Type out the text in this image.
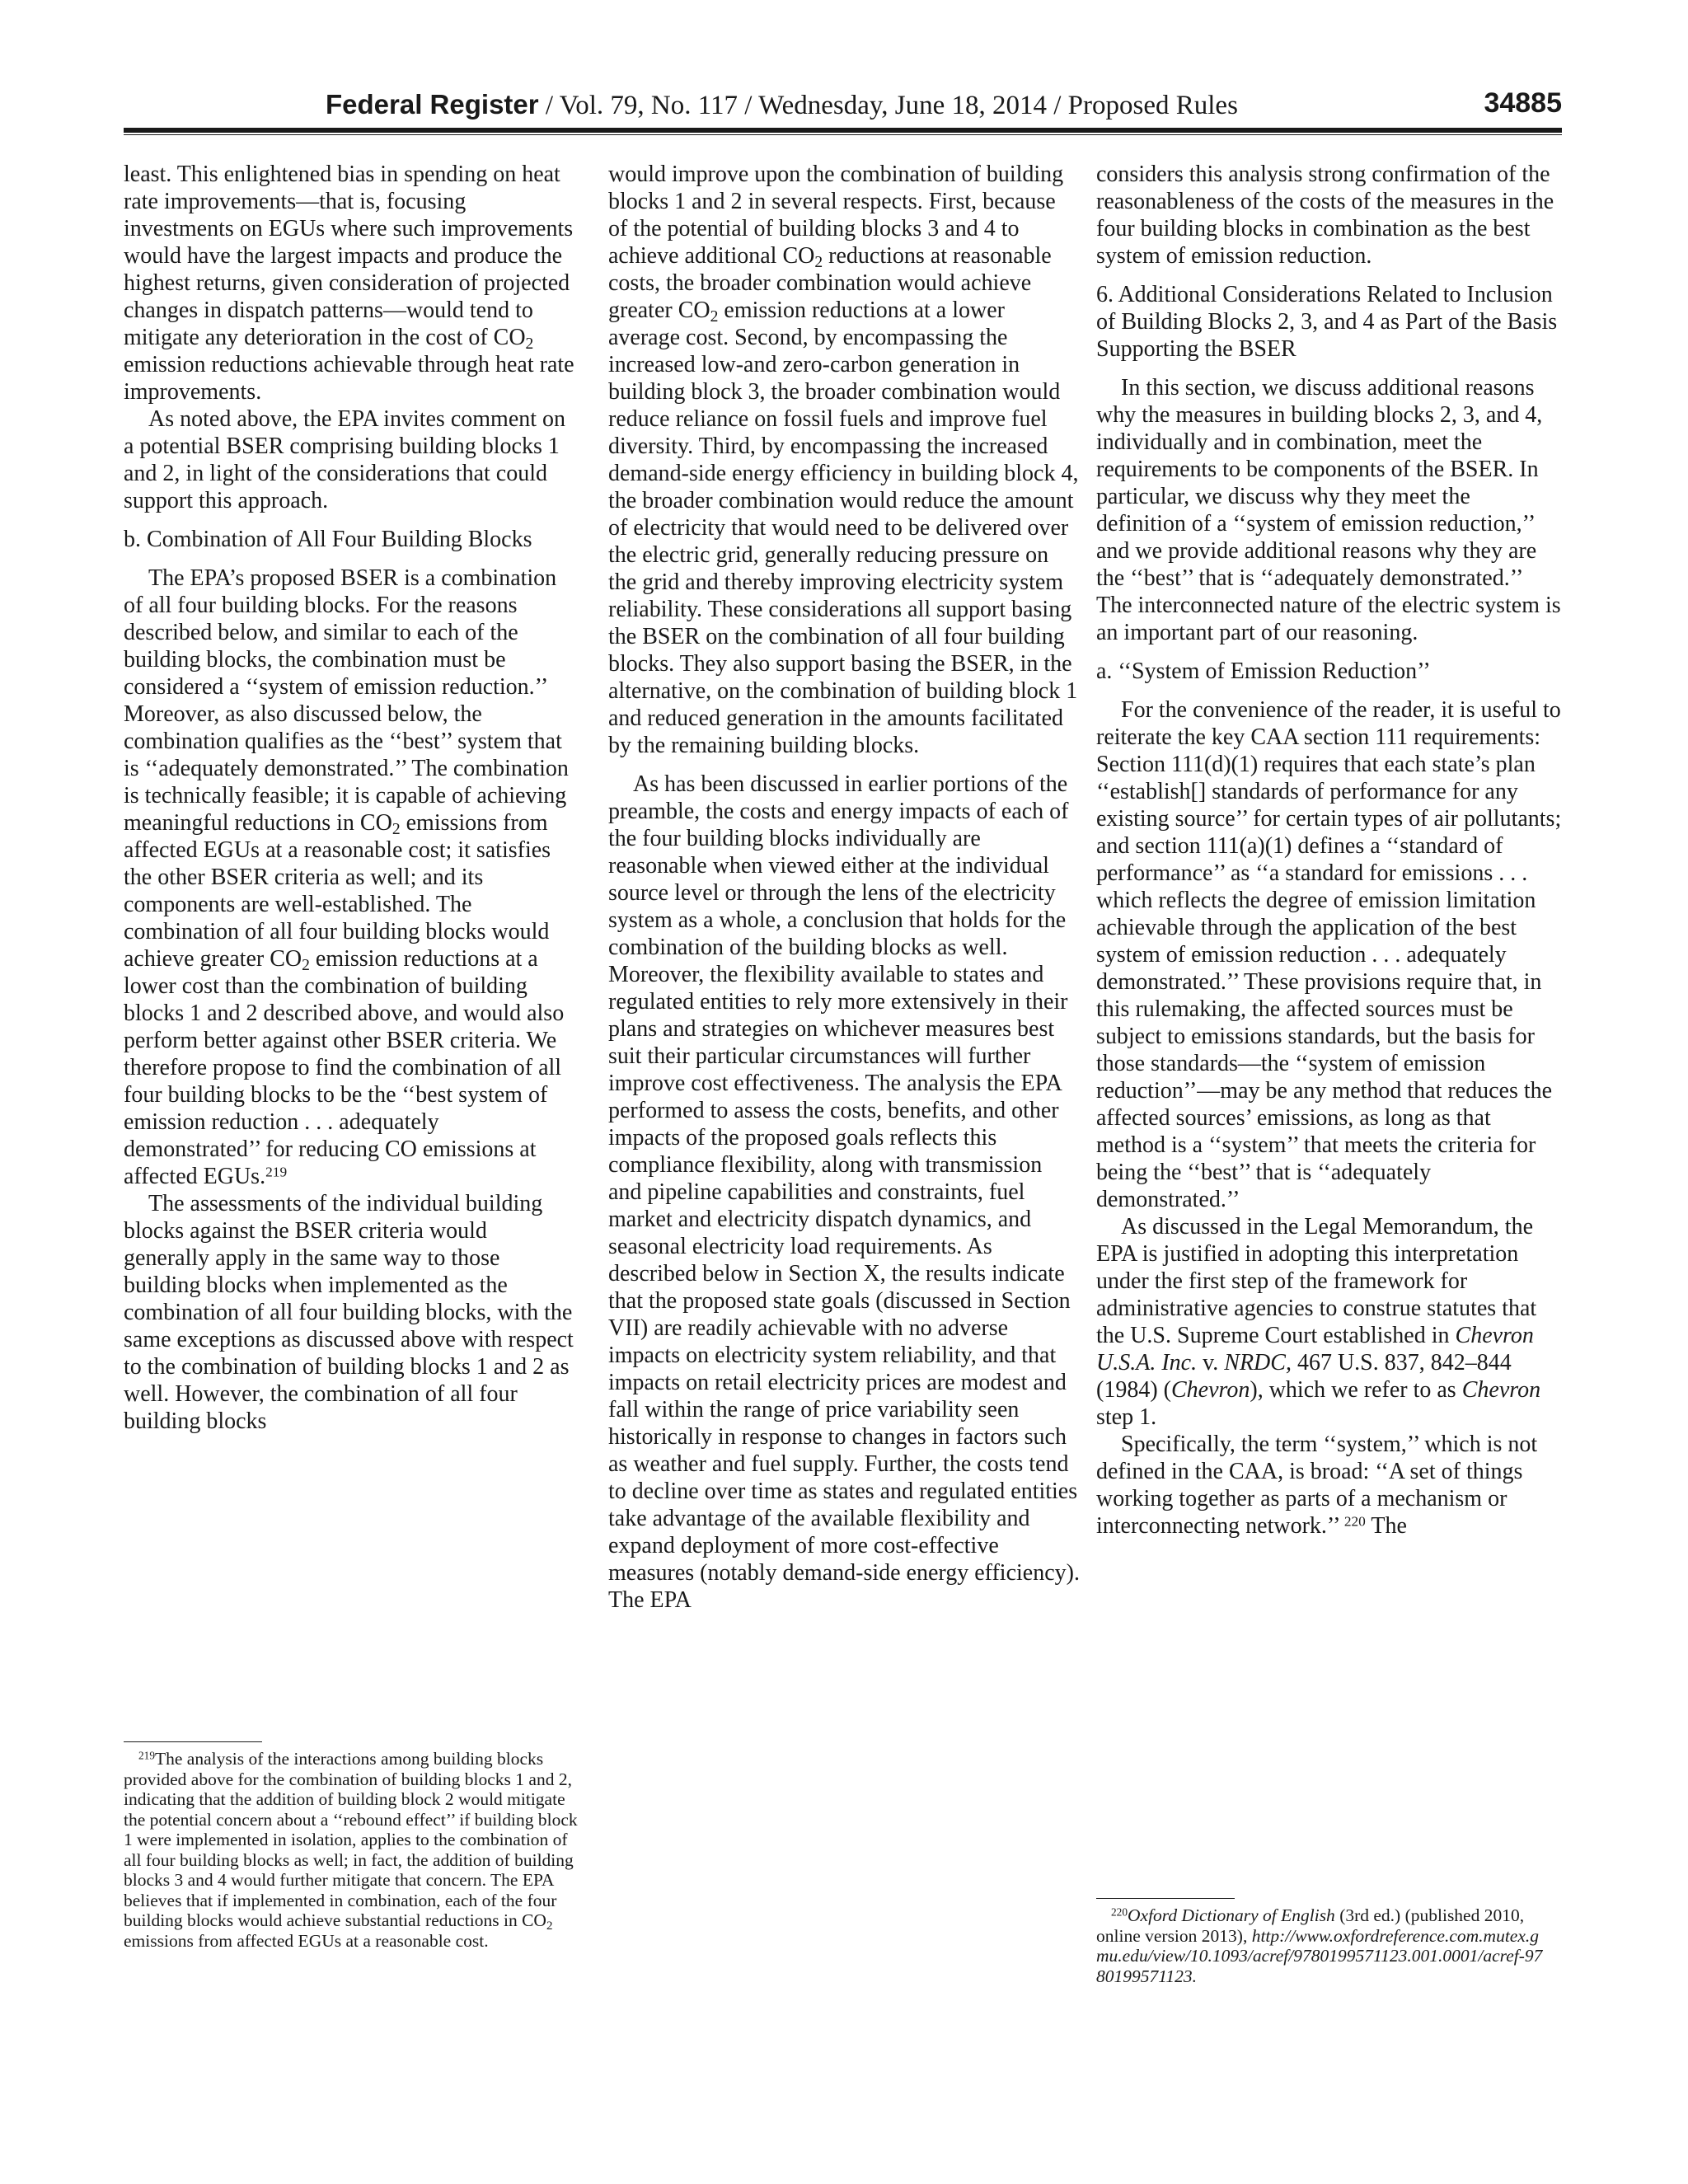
Federal Register / Vol. 79, No. 117 / Wednesday, June 18, 2014 / Proposed Rules	34885

least. This enlightened bias in spending on heat rate improvements—that is, focusing investments on EGUs where such improvements would have the largest impacts and produce the highest returns, given consideration of projected changes in dispatch patterns—would tend to mitigate any deterioration in the cost of $CO_2$ emission reductions achievable through heat rate improvements.

As noted above, the EPA invites comment on a potential BSER comprising building blocks 1 and 2, in light of the considerations that could support this approach.

b. Combination of All Four Building Blocks

The EPA’s proposed BSER is a combination of all four building blocks. For the reasons described below, and similar to each of the building blocks, the combination must be considered a ‘‘system of emission reduction.’’ Moreover, as also discussed below, the combination qualifies as the ‘‘best’’ system that is ‘‘adequately demonstrated.’’ The combination is technically feasible; it is capable of achieving meaningful reductions in $CO_2$ emissions from affected EGUs at a reasonable cost; it satisfies the other BSER criteria as well; and its components are well-established. The combination of all four building blocks would achieve greater $CO_2$ emission reductions at a lower cost than the combination of building blocks 1 and 2 described above, and would also perform better against other BSER criteria. We therefore propose to find the combination of all four building blocks to be the ‘‘best system of emission reduction . . . adequately demonstrated’’ for reducing CO emissions at affected EGUs.$^{219}$

The assessments of the individual building blocks against the BSER criteria would generally apply in the same way to those building blocks when implemented as the combination of all four building blocks, with the same exceptions as discussed above with respect to the combination of building blocks 1 and 2 as well. However, the combination of all four building blocks

$^{219}$The analysis of the interactions among building blocks provided above for the combination of building blocks 1 and 2, indicating that the addition of building block 2 would mitigate the potential concern about a ‘‘rebound effect’’ if building block 1 were implemented in isolation, applies to the combination of all four building blocks as well; in fact, the addition of building blocks 3 and 4 would further mitigate that concern. The EPA believes that if implemented in combination, each of the four building blocks would achieve substantial reductions in $CO_2$ emissions from affected EGUs at a reasonable cost.

would improve upon the combination of building blocks 1 and 2 in several respects. First, because of the potential of building blocks 3 and 4 to achieve additional $CO_2$ reductions at reasonable costs, the broader combination would achieve greater $CO_2$ emission reductions at a lower average cost. Second, by encompassing the increased low-and zero-carbon generation in building block 3, the broader combination would reduce reliance on fossil fuels and improve fuel diversity. Third, by encompassing the increased demand-side energy efficiency in building block 4, the broader combination would reduce the amount of electricity that would need to be delivered over the electric grid, generally reducing pressure on the grid and thereby improving electricity system reliability. These considerations all support basing the BSER on the combination of all four building blocks. They also support basing the BSER, in the alternative, on the combination of building block 1 and reduced generation in the amounts facilitated by the remaining building blocks.

As has been discussed in earlier portions of the preamble, the costs and energy impacts of each of the four building blocks individually are reasonable when viewed either at the individual source level or through the lens of the electricity system as a whole, a conclusion that holds for the combination of the building blocks as well. Moreover, the flexibility available to states and regulated entities to rely more extensively in their plans and strategies on whichever measures best suit their particular circumstances will further improve cost effectiveness. The analysis the EPA performed to assess the costs, benefits, and other impacts of the proposed goals reflects this compliance flexibility, along with transmission and pipeline capabilities and constraints, fuel market and electricity dispatch dynamics, and seasonal electricity load requirements. As described below in Section X, the results indicate that the proposed state goals (discussed in Section VII) are readily achievable with no adverse impacts on electricity system reliability, and that impacts on retail electricity prices are modest and fall within the range of price variability seen historically in response to changes in factors such as weather and fuel supply. Further, the costs tend to decline over time as states and regulated entities take advantage of the available flexibility and expand deployment of more cost-effective measures (notably demand-side energy efficiency). The EPA

considers this analysis strong confirmation of the reasonableness of the costs of the measures in the four building blocks in combination as the best system of emission reduction.

6. Additional Considerations Related to Inclusion of Building Blocks 2, 3, and 4 as Part of the Basis Supporting the BSER

In this section, we discuss additional reasons why the measures in building blocks 2, 3, and 4, individually and in combination, meet the requirements to be components of the BSER. In particular, we discuss why they meet the definition of a ‘‘system of emission reduction,’’ and we provide additional reasons why they are the ‘‘best’’ that is ‘‘adequately demonstrated.’’ The interconnected nature of the electric system is an important part of our reasoning.

a. ‘‘System of Emission Reduction’’

For the convenience of the reader, it is useful to reiterate the key CAA section 111 requirements: Section 111(d)(1) requires that each state’s plan ‘‘establish[] standards of performance for any existing source’’ for certain types of air pollutants; and section 111(a)(1) defines a ‘‘standard of performance’’ as ‘‘a standard for emissions . . . which reflects the degree of emission limitation achievable through the application of the best system of emission reduction . . . adequately demonstrated.’’ These provisions require that, in this rulemaking, the affected sources must be subject to emissions standards, but the basis for those standards—the ‘‘system of emission reduction’’—may be any method that reduces the affected sources’ emissions, as long as that method is a ‘‘system’’ that meets the criteria for being the ‘‘best’’ that is ‘‘adequately demonstrated.’’

As discussed in the Legal Memorandum, the EPA is justified in adopting this interpretation under the first step of the framework for administrative agencies to construe statutes that the U.S. Supreme Court established in Chevron U.S.A. Inc. v. NRDC, 467 U.S. 837, 842–844 (1984) (Chevron), which we refer to as Chevron step 1.

Specifically, the term ‘‘system,’’ which is not defined in the CAA, is broad: ‘‘A set of things working together as parts of a mechanism or interconnecting network.’’ $^{220}$ The

$^{220}$Oxford Dictionary of English (3rd ed.) (published 2010, online version 2013), http://www.oxfordreference.com.mutex.gmu.edu/view/10.1093/acref/9780199571123.001.0001/acref-9780199571123.
